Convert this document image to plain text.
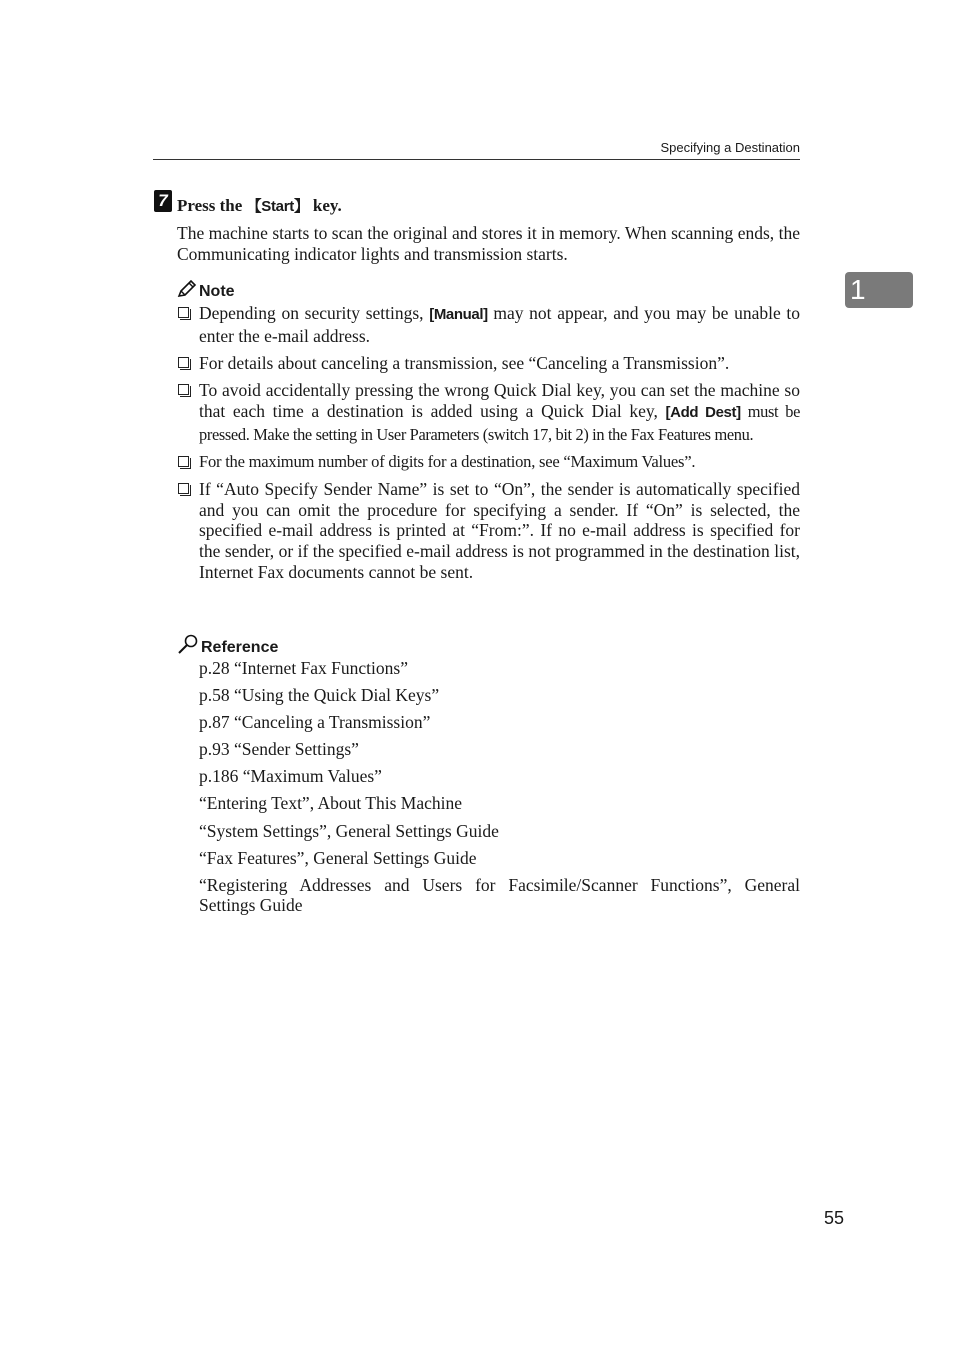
Specifying a Destination
1
7 Press the 【Start】 key.
The machine starts to scan the original and stores it in memory. When scanning ends, the Communicating indicator lights and transmission starts.
Note
Depending on security settings, [Manual] may not appear, and you may be unable to enter the e-mail address.
For details about canceling a transmission, see “Canceling a Transmission”.
To avoid accidentally pressing the wrong Quick Dial key, you can set the machine so that each time a destination is added using a Quick Dial key, [Add Dest] must be pressed. Make the setting in User Parameters (switch 17, bit 2) in the Fax Features menu.
For the maximum number of digits for a destination, see “Maximum Values”.
If “Auto Specify Sender Name” is set to “On”, the sender is automatically specified and you can omit the procedure for specifying a sender. If “On” is selected, the specified e-mail address is printed at “From:”. If no e-mail address is specified for the sender, or if the specified e-mail address is not programmed in the destination list, Internet Fax documents cannot be sent.
Reference
p.28 “Internet Fax Functions”
p.58 “Using the Quick Dial Keys”
p.87 “Canceling a Transmission”
p.93 “Sender Settings”
p.186 “Maximum Values”
“Entering Text”, About This Machine
“System Settings”, General Settings Guide
“Fax Features”, General Settings Guide
“Registering Addresses and Users for Facsimile/Scanner Functions”, General Settings Guide
55
